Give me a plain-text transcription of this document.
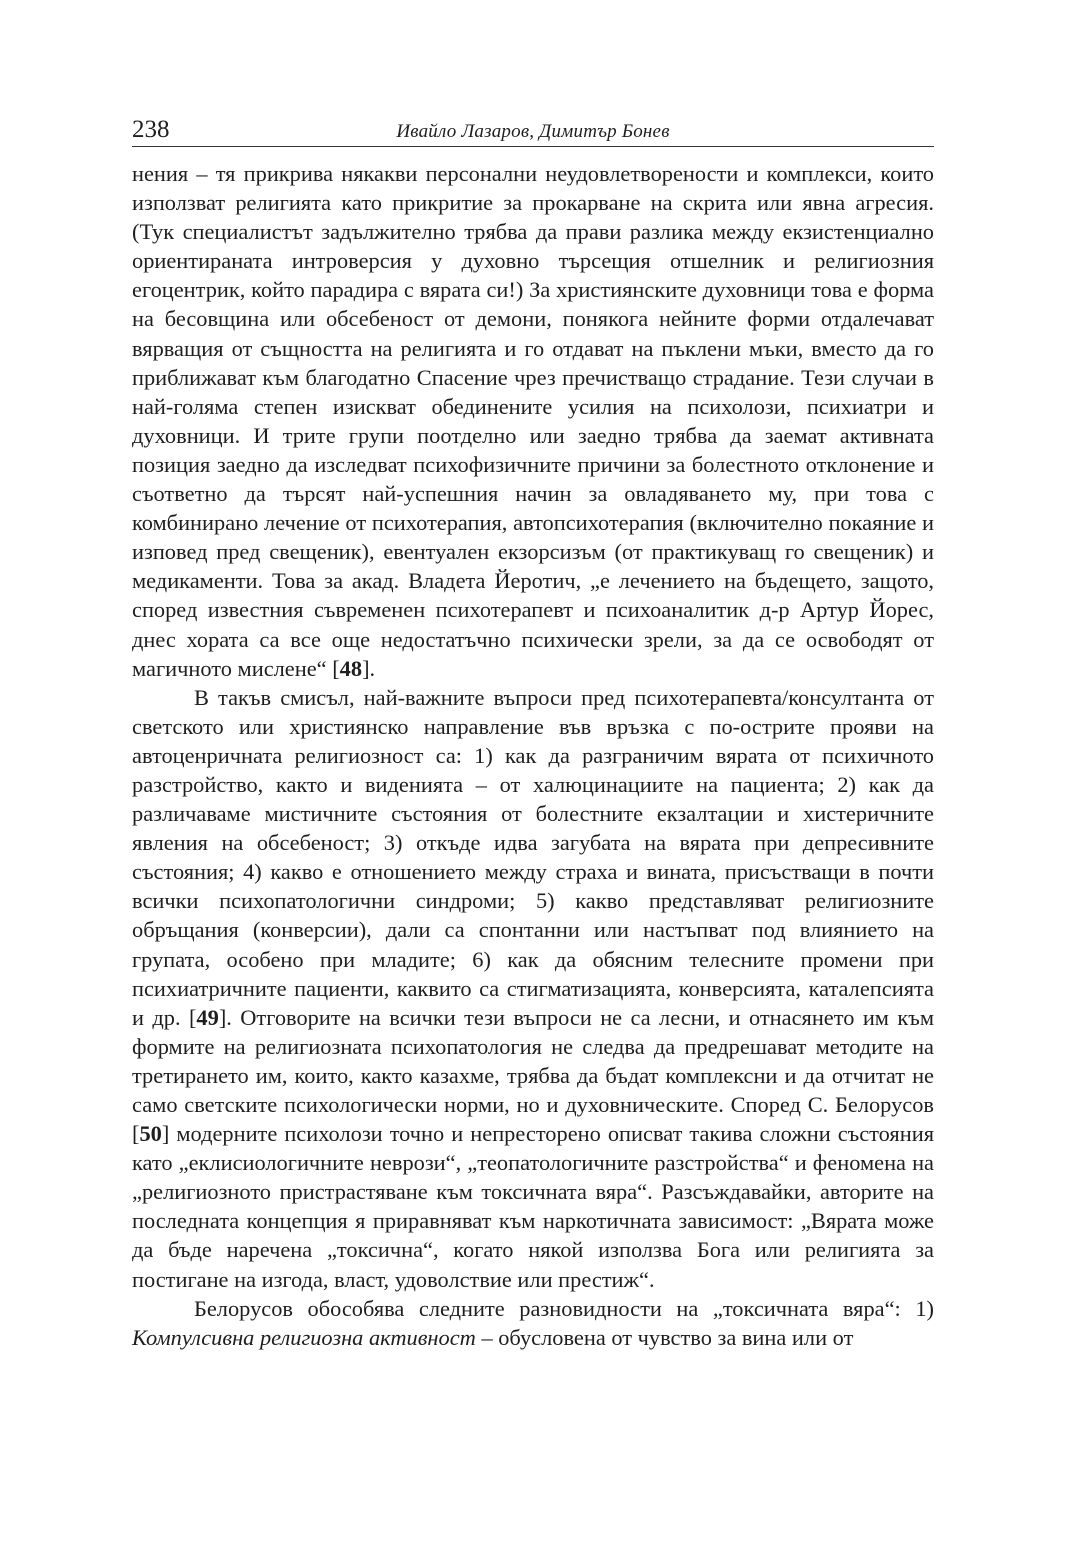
238	Ивайло Лазаров, Димитър Бонев

нения – тя прикрива някакви персонални неудовлетворености и комплекси, които използват религията като прикритие за прокарване на скрита или явна агресия. (Тук специалистът задължително трябва да прави разлика между екзистенциално ориентираната интроверсия у духовно търсещия отшелник и религиозния егоцентрик, който парадира с вярата си!) За християнските духовници това е форма на бесовщина или обсебеност от демони, понякога нейните форми отдалечават вярващия от същността на религията и го отдават на пъклени мъки, вместо да го приближават към благодатно Спасение чрез пречистващо страдание. Тези случаи в най-голяма степен изискват обединените усилия на психолози, психиатри и духовници. И трите групи поотделно или заедно трябва да заемат активната позиция заедно да изследват психофизичните причини за болестното отклонение и съответно да търсят най-успешния начин за овладяването му, при това с комбинирано лечение от психотерапия, автопсихотерапия (включително покаяние и изповед пред свещеник), евентуален екзорсизъм (от практикуващ го свещеник) и медикаменти. Това за акад. Владета Йеротич, „е лечението на бъдещето, защото, според известния съвременен психотерапевт и психоаналитик д-р Артур Йорес, днес хората са все още недостатъчно психически зрели, за да се освободят от магичното мислене“ [48].

В такъв смисъл, най-важните въпроси пред психотерапевта/консултанта от светското или християнско направление във връзка с по-острите прояви на автоценричната религиозност са: 1) как да разграничим вярата от психичното разстройство, както и виденията – от халюцинациите на пациента; 2) как да различаваме мистичните състояния от болестните екзалтации и хистеричните явления на обсебеност; 3) откъде идва загубата на вярата при депресивните състояния; 4) какво е отношението между страха и вината, присъстващи в почти всички психопатологични синдроми; 5) какво представляват религиозните обръщания (конверсии), дали са спонтанни или настъпват под влиянието на групата, особено при младите; 6) как да обясним телесните промени при психиатричните пациенти, каквито са стигматизацията, конверсията, каталепсията и др. [49]. Отговорите на всички тези въпроси не са лесни, и отнасянето им към формите на религиозната психопатология не следва да предрешават методите на третирането им, които, както казахме, трябва да бъдат комплексни и да отчитат не само светските психологически норми, но и духовническите. Според С. Белорусов [50] модерните психолози точно и непресторено описват такива сложни състояния като „еклисиологичните неврози“, „теопатологичните разстройства“ и феномена на „религиозното пристрастяване към токсичната вяра“. Разсъждавайки, авторите на последната концепция я приравняват към наркотичната зависимост: „Вярата може да бъде наречена „токсична“, когато някой използва Бога или религията за постигане на изгода, власт, удоволствие или престиж“.

Белорусов обособява следните разновидности на „токсичната вяра“: 1) Компулсивна религиозна активност – обусловена от чувство за вина или от
